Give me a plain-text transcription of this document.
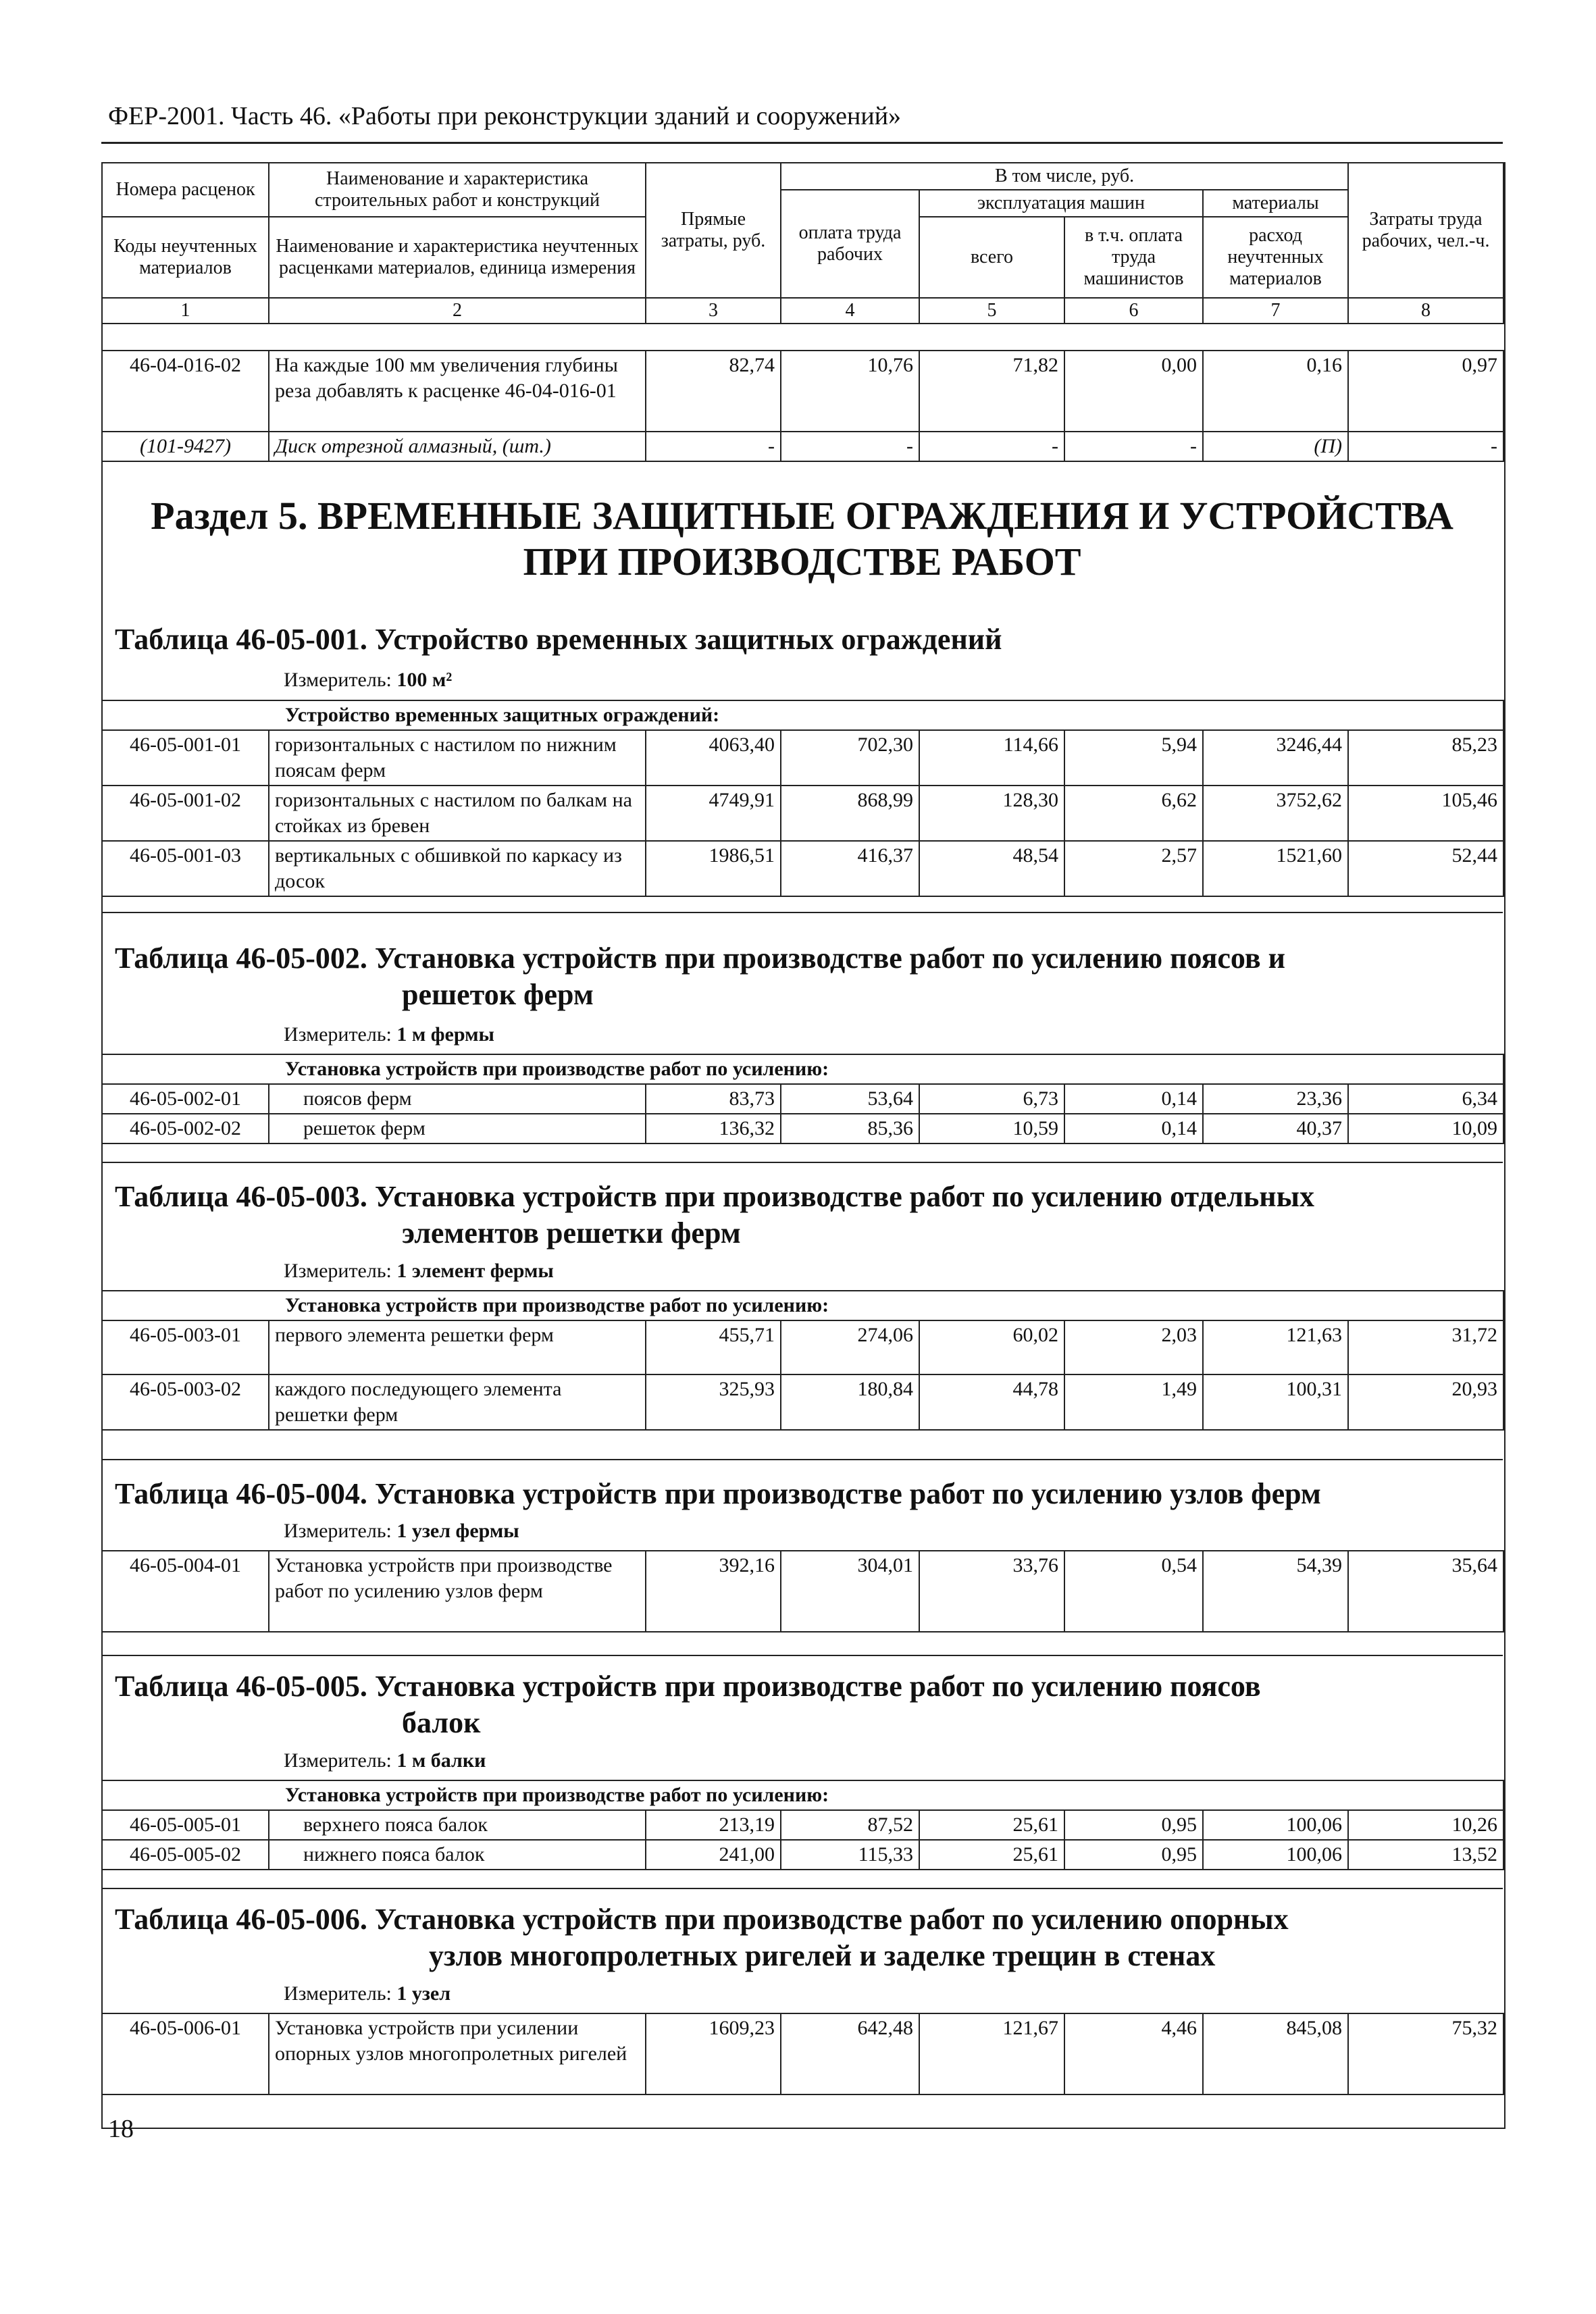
ФЕР-2001. Часть 46. «Работы при реконструкции зданий и сооружений»
Номера расценок	Наименование и характеристика строительных работ и конструкций	Прямые затраты, руб.	В том числе, руб.				Затраты труда рабочих, чел.-ч.
			оплата труда рабочих	эксплуатация машин		материалы	
Коды неучтенных материалов	Наименование и характеристика неучтенных расценками материалов, единица измерения			всего	в т.ч. оплата труда машинистов	расход неучтенных материалов	

1	2	3	4	5	6	7	8
46-04-016-02	На каждые 100 мм увеличения глубины реза добавлять к расценке 46-04-016-01	82,74	10,76	71,82	0,00	0,16	0,97
(101-9427)	Диск отрезной алмазный, (шт.)	-	-	-	-	(П)	-
Раздел 5. ВРЕМЕННЫЕ ЗАЩИТНЫЕ ОГРАЖДЕНИЯ И УСТРОЙСТВА
ПРИ ПРОИЗВОДСТВЕ РАБОТ
Таблица 46-05-001. Устройство временных защитных ограждений
Измеритель: 100 м²
Устройство временных защитных ограждений:							
46-05-001-01	горизонтальных с настилом по нижним поясам ферм	4063,40	702,30	114,66	5,94	3246,44	85,23
46-05-001-02	горизонтальных с настилом по балкам на стойках из бревен	4749,91	868,99	128,30	6,62	3752,62	105,46
46-05-001-03	вертикальных с обшивкой по каркасу из досок	1986,51	416,37	48,54	2,57	1521,60	52,44
Таблица 46-05-002. Установка устройств при производстве работ по усилению поясов и
решеток ферм
Измеритель: 1 м фермы
Установка устройств при производстве работ по усилению:							
46-05-002-01	поясов ферм	83,73	53,64	6,73	0,14	23,36	6,34
46-05-002-02	решеток ферм	136,32	85,36	10,59	0,14	40,37	10,09
Таблица 46-05-003. Установка устройств при производстве работ по усилению отдельных
элементов решетки ферм
Измеритель: 1 элемент фермы
Установка устройств при производстве работ по усилению:							
46-05-003-01	первого элемента решетки ферм	455,71	274,06	60,02	2,03	121,63	31,72
46-05-003-02	каждого последующего элемента решетки ферм	325,93	180,84	44,78	1,49	100,31	20,93
Таблица 46-05-004. Установка устройств при производстве работ по усилению узлов ферм
Измеритель: 1 узел фермы
46-05-004-01	Установка устройств при производстве работ по усилению узлов ферм	392,16	304,01	33,76	0,54	54,39	35,64
Таблица 46-05-005. Установка устройств при производстве работ по усилению поясов
балок
Измеритель: 1 м балки
Установка устройств при производстве работ по усилению:							
46-05-005-01	верхнего пояса балок	213,19	87,52	25,61	0,95	100,06	10,26
46-05-005-02	нижнего пояса балок	241,00	115,33	25,61	0,95	100,06	13,52
Таблица 46-05-006. Установка устройств при производстве работ по усилению опорных
узлов многопролетных ригелей и заделке трещин в стенах
Измеритель: 1 узел
46-05-006-01	Установка устройств при усилении опорных узлов многопролетных ригелей	1609,23	642,48	121,67	4,46	845,08	75,32
18
